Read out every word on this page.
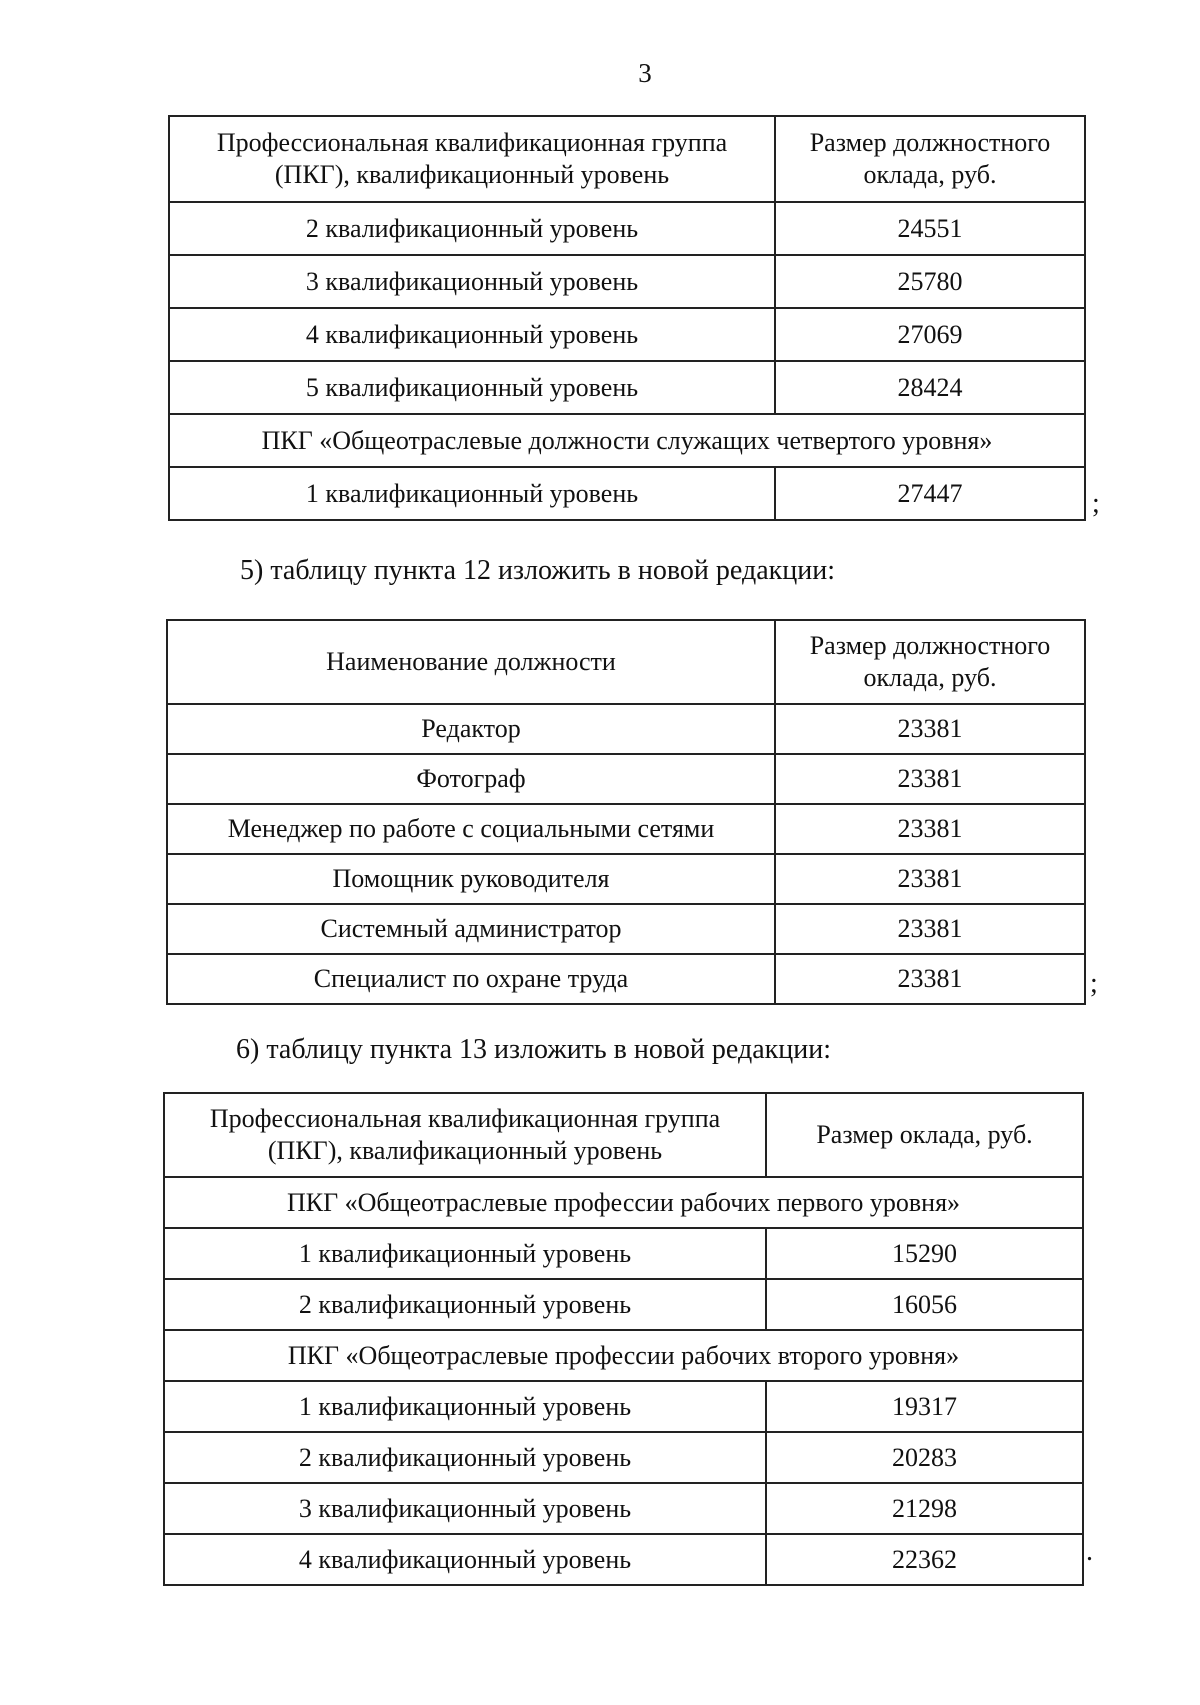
3
Профессиональная квалификационная группа (ПКГ), квалификационный уровень	Размер должностного оклада, руб.
2 квалификационный уровень	24551
3 квалификационный уровень	25780
4 квалификационный уровень	27069
5 квалификационный уровень	28424
ПКГ «Общеотраслевые должности служащих четвертого уровня»	
1 квалификационный уровень	27447	;
5) таблицу пункта 12 изложить в новой редакции:
Наименование должности	Размер должностного оклада, руб.
Редактор	23381
Фотограф	23381
Менеджер по работе с социальными сетями	23381
Помощник руководителя	23381
Системный администратор	23381
Специалист по охране труда	23381	;
6) таблицу пункта 13 изложить в новой редакции:
Профессиональная квалификационная группа (ПКГ), квалификационный уровень	Размер оклада, руб.
ПКГ «Общеотраслевые профессии рабочих первого уровня»	
1 квалификационный уровень	15290
2 квалификационный уровень	16056
ПКГ «Общеотраслевые профессии рабочих второго уровня»	
1 квалификационный уровень	19317
2 квалификационный уровень	20283
3 квалификационный уровень	21298
4 квалификационный уровень	22362	.
